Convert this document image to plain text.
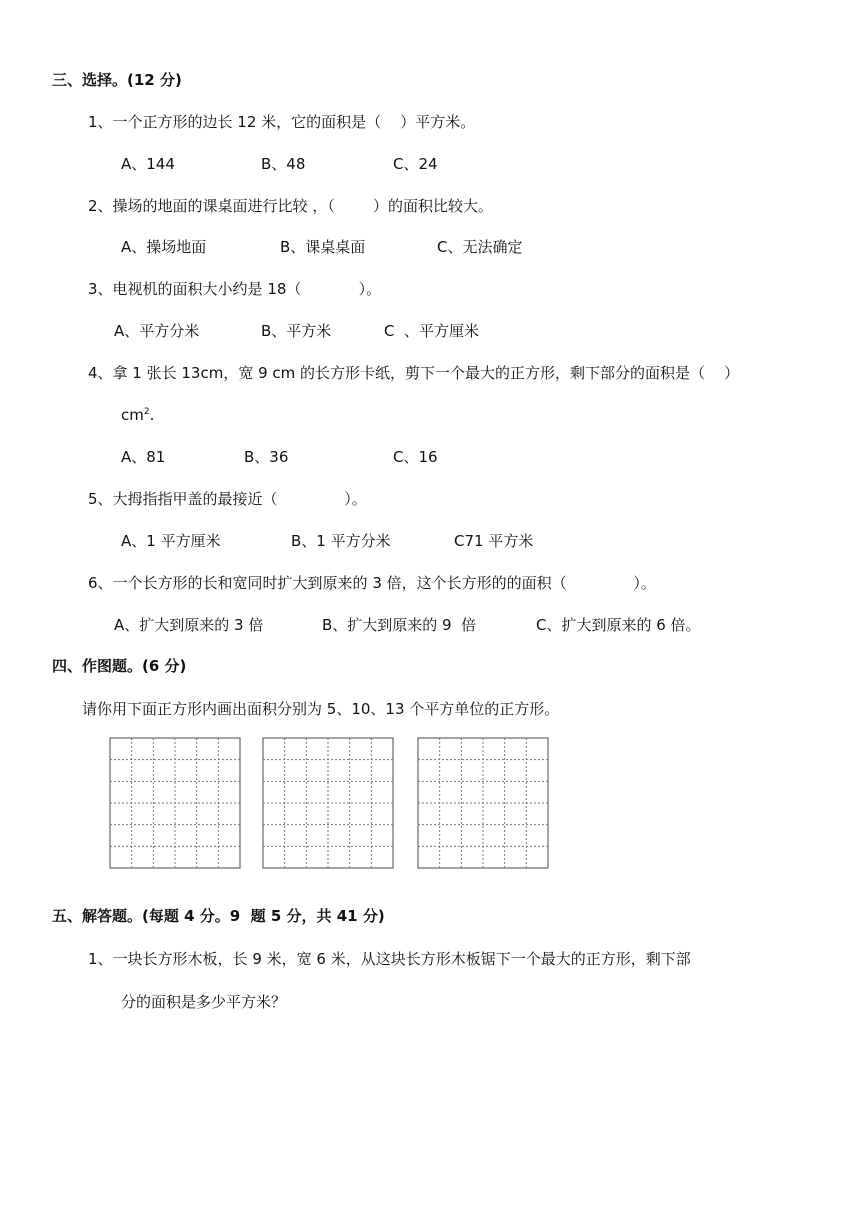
三、选择。(12 分)
1、一个正方形的边长 12 米，它的面积是（    ）平方米。
A、144	B、48	C、24
2、操场的地面的课桌面进行比较 ，（        ）的面积比较大。
A、操场地面	B、课桌桌面	C、无法确定
3、电视机的面积大小约是 18（            ）。
A、平方分米	B、平方米	C  、平方厘米
4、拿 1 张长 13cm，宽 9 cm 的长方形卡纸，剪下一个最大的正方形，剩下部分的面积是（    ）
$cm^2$.
A、81	B、36	C、16
5、大拇指指甲盖的最接近（              ）。
A、1 平方厘米	B、1 平方分米	C71 平方米
6、一个长方形的长和宽同时扩大到原来的 3 倍，这个长方形的的面积（              ）。
A、扩大到原来的 3 倍	B、扩大到原来的 9  倍	C、扩大到原来的 6 倍。
四、作图题。(6 分)
请你用下面正方形内画出面积分别为 5、10、13 个平方单位的正方形。
五、解答题。(每题 4 分。9  题 5 分，共 41 分)
1、一块长方形木板，长 9 米，宽 6 米，从这块长方形木板锯下一个最大的正方形，剩下部
分的面积是多少平方米？
